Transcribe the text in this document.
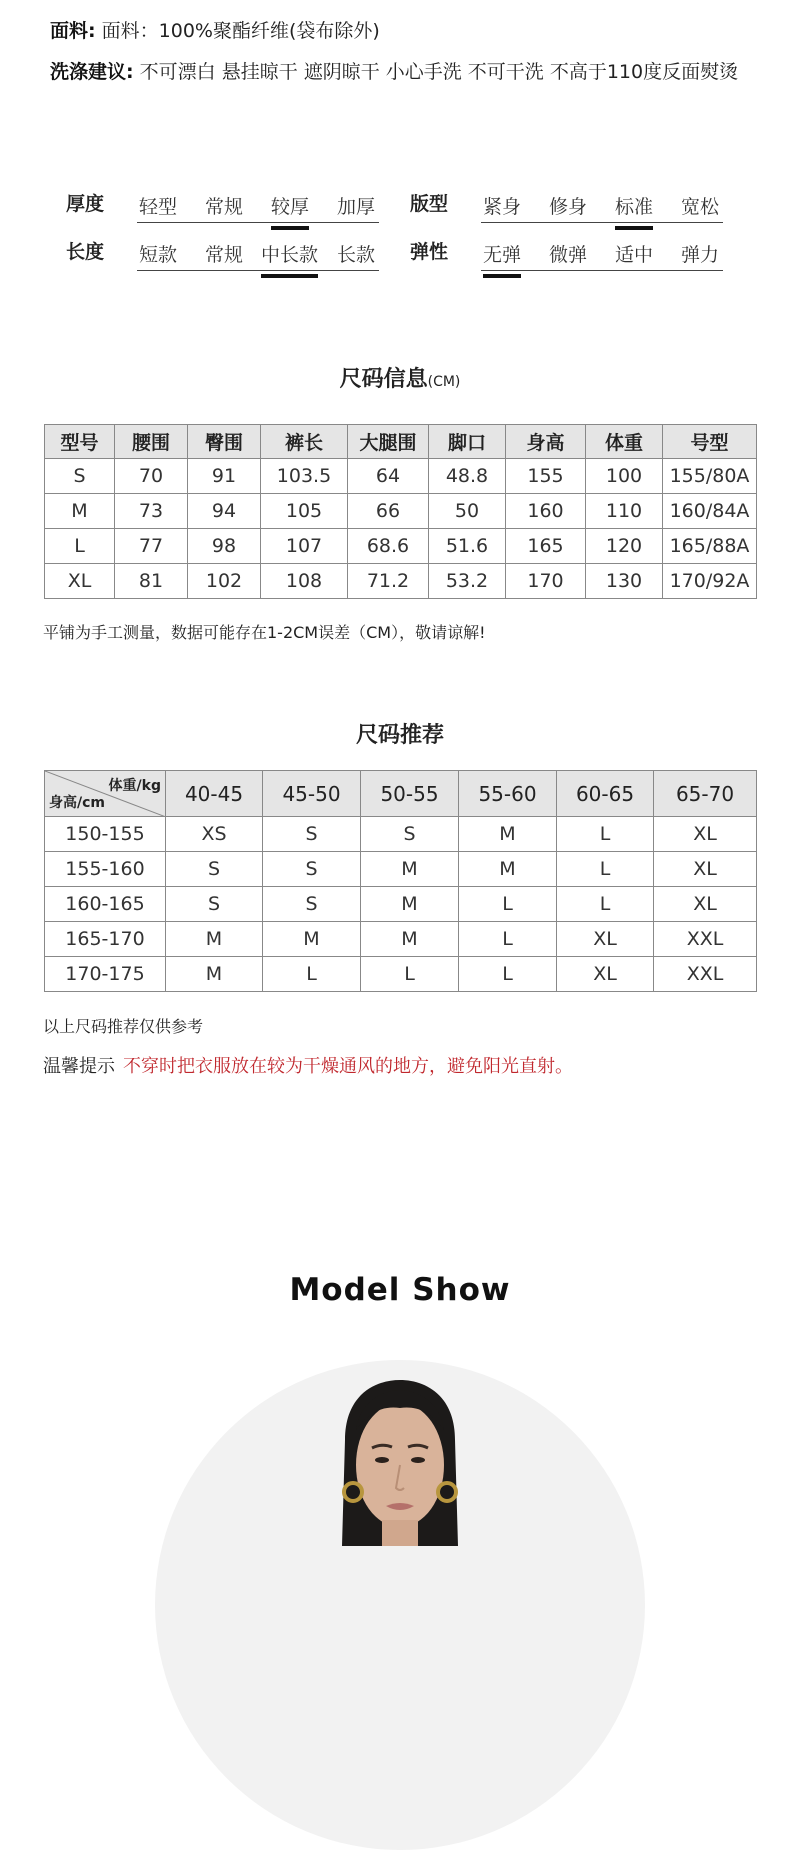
面料: 面料：100%聚酯纤维(袋布除外)
洗涤建议: 不可漂白 悬挂晾干 遮阴晾干 小心手洗 不可干洗 不高于110度反面熨烫
厚度 轻型 常规 较厚 加厚 版型 紧身 修身 标准 宽松
长度 短款 常规 中长款 长款 弹性 无弹 微弹 适中 弹力
尺码信息(CM)
型号	腰围	臀围	裤长	大腿围	脚口	身高	体重	号型
S	70	91	103.5	64	48.8	155	100	155/80A
M	73	94	105	66	50	160	110	160/84A
L	77	98	107	68.6	51.6	165	120	165/88A
XL	81	102	108	71.2	53.2	170	130	170/92A
平铺为手工测量，数据可能存在1-2CM误差（CM），敬请谅解!
尺码推荐
体重/kg
身高/cm	40-45	45-50	50-55	55-60	60-65	65-70
150-155	XS	S	S	M	L	XL
155-160	S	S	M	M	L	XL
160-165	S	S	M	L	L	XL
165-170	M	M	M	L	XL	XXL
170-175	M	L	L	L	XL	XXL
以上尺码推荐仅供参考
温馨提示 不穿时把衣服放在较为干燥通风的地方，避免阳光直射。
Model Show
